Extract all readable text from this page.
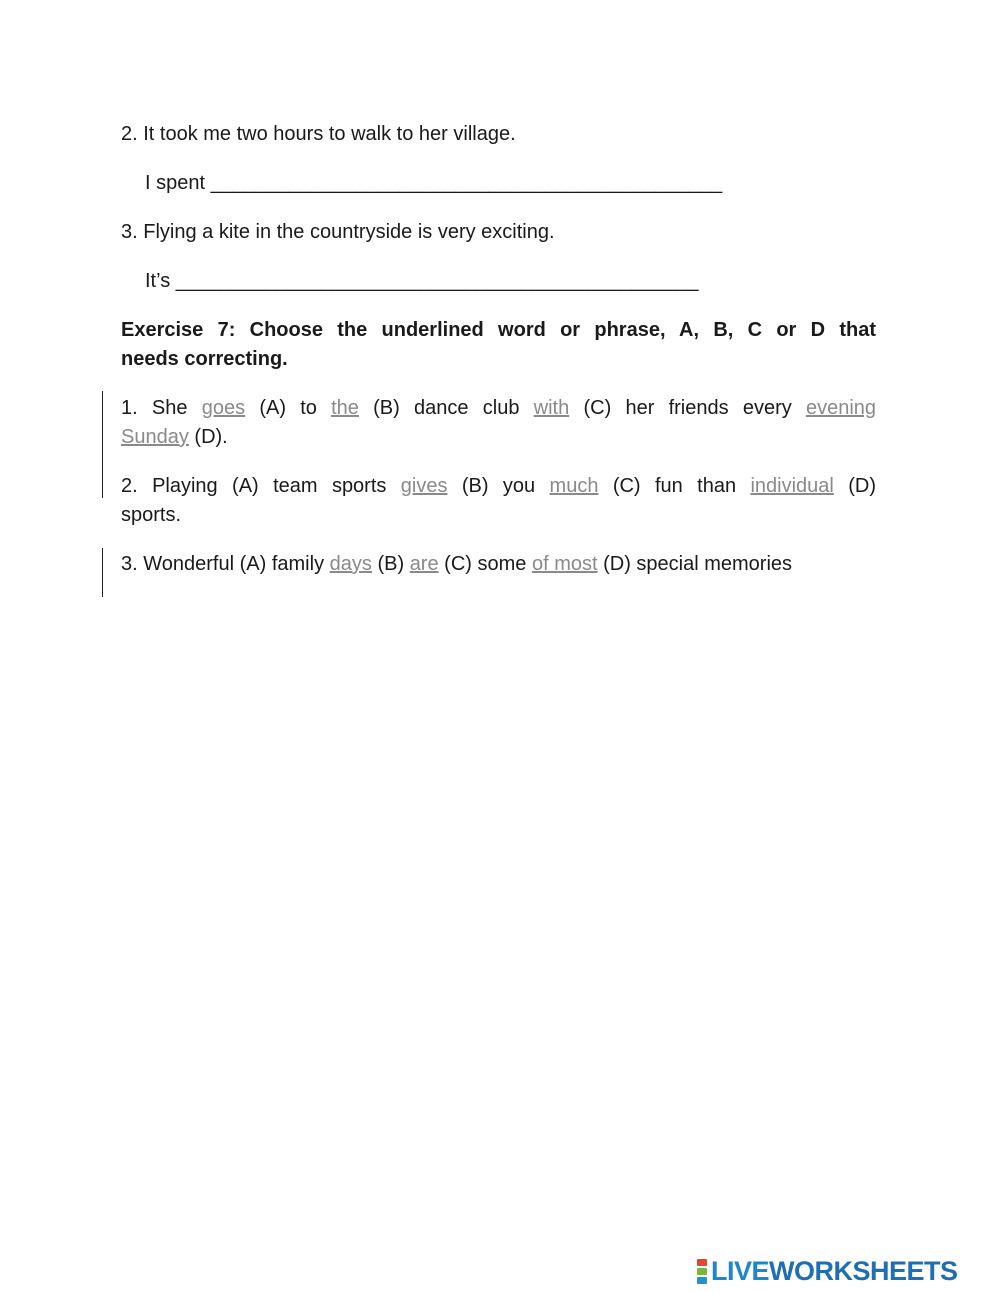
2. It took me two hours to walk to her village.
I spent ______________________________________________
3. Flying a kite in the countryside is very exciting.
It’s _______________________________________________
Exercise 7: Choose the underlined word or phrase, A, B, C or D that
needs correcting.
1. She goes (A) to the (B) dance club with (C) her friends every evening
Sunday (D).
2. Playing (A) team sports gives (B) you much (C) fun than individual (D)
sports.
3. Wonderful (A) family days (B) are (C) some of most (D) special memories
LIVE WORKSHEETS
